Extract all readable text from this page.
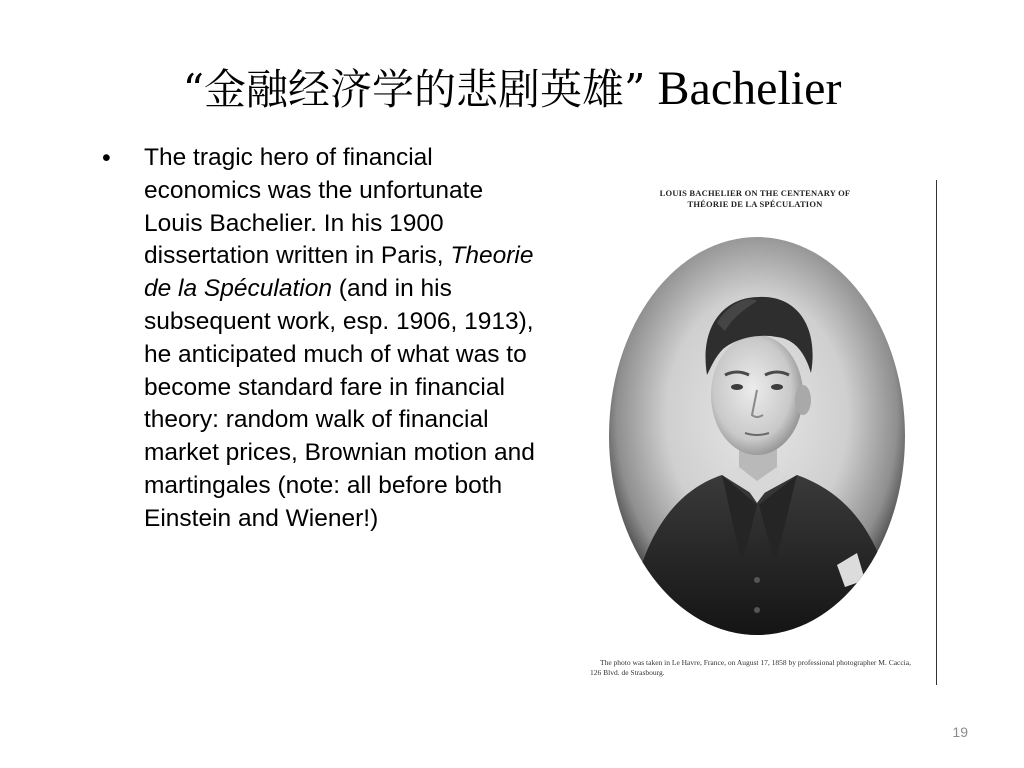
“金融经济学的悲剧英雄” Bachelier
• The tragic hero of financial economics was the unfortunate Louis Bachelier. In his 1900 dissertation written in Paris, Theorie de la Spéculation (and in his subsequent work, esp. 1906, 1913), he anticipated much of what was to become standard fare in financial theory: random walk of financial market prices, Brownian motion and martingales (note: all before both Einstein and Wiener!)
LOUIS BACHELIER ON THE CENTENARY OF
THÉORIE DE LA SPÉCULATION
The photo was taken in Le Havre, France, on August 17, 1858 by professional photographer M. Caccia,
126 Blvd. de Strasbourg.
19
